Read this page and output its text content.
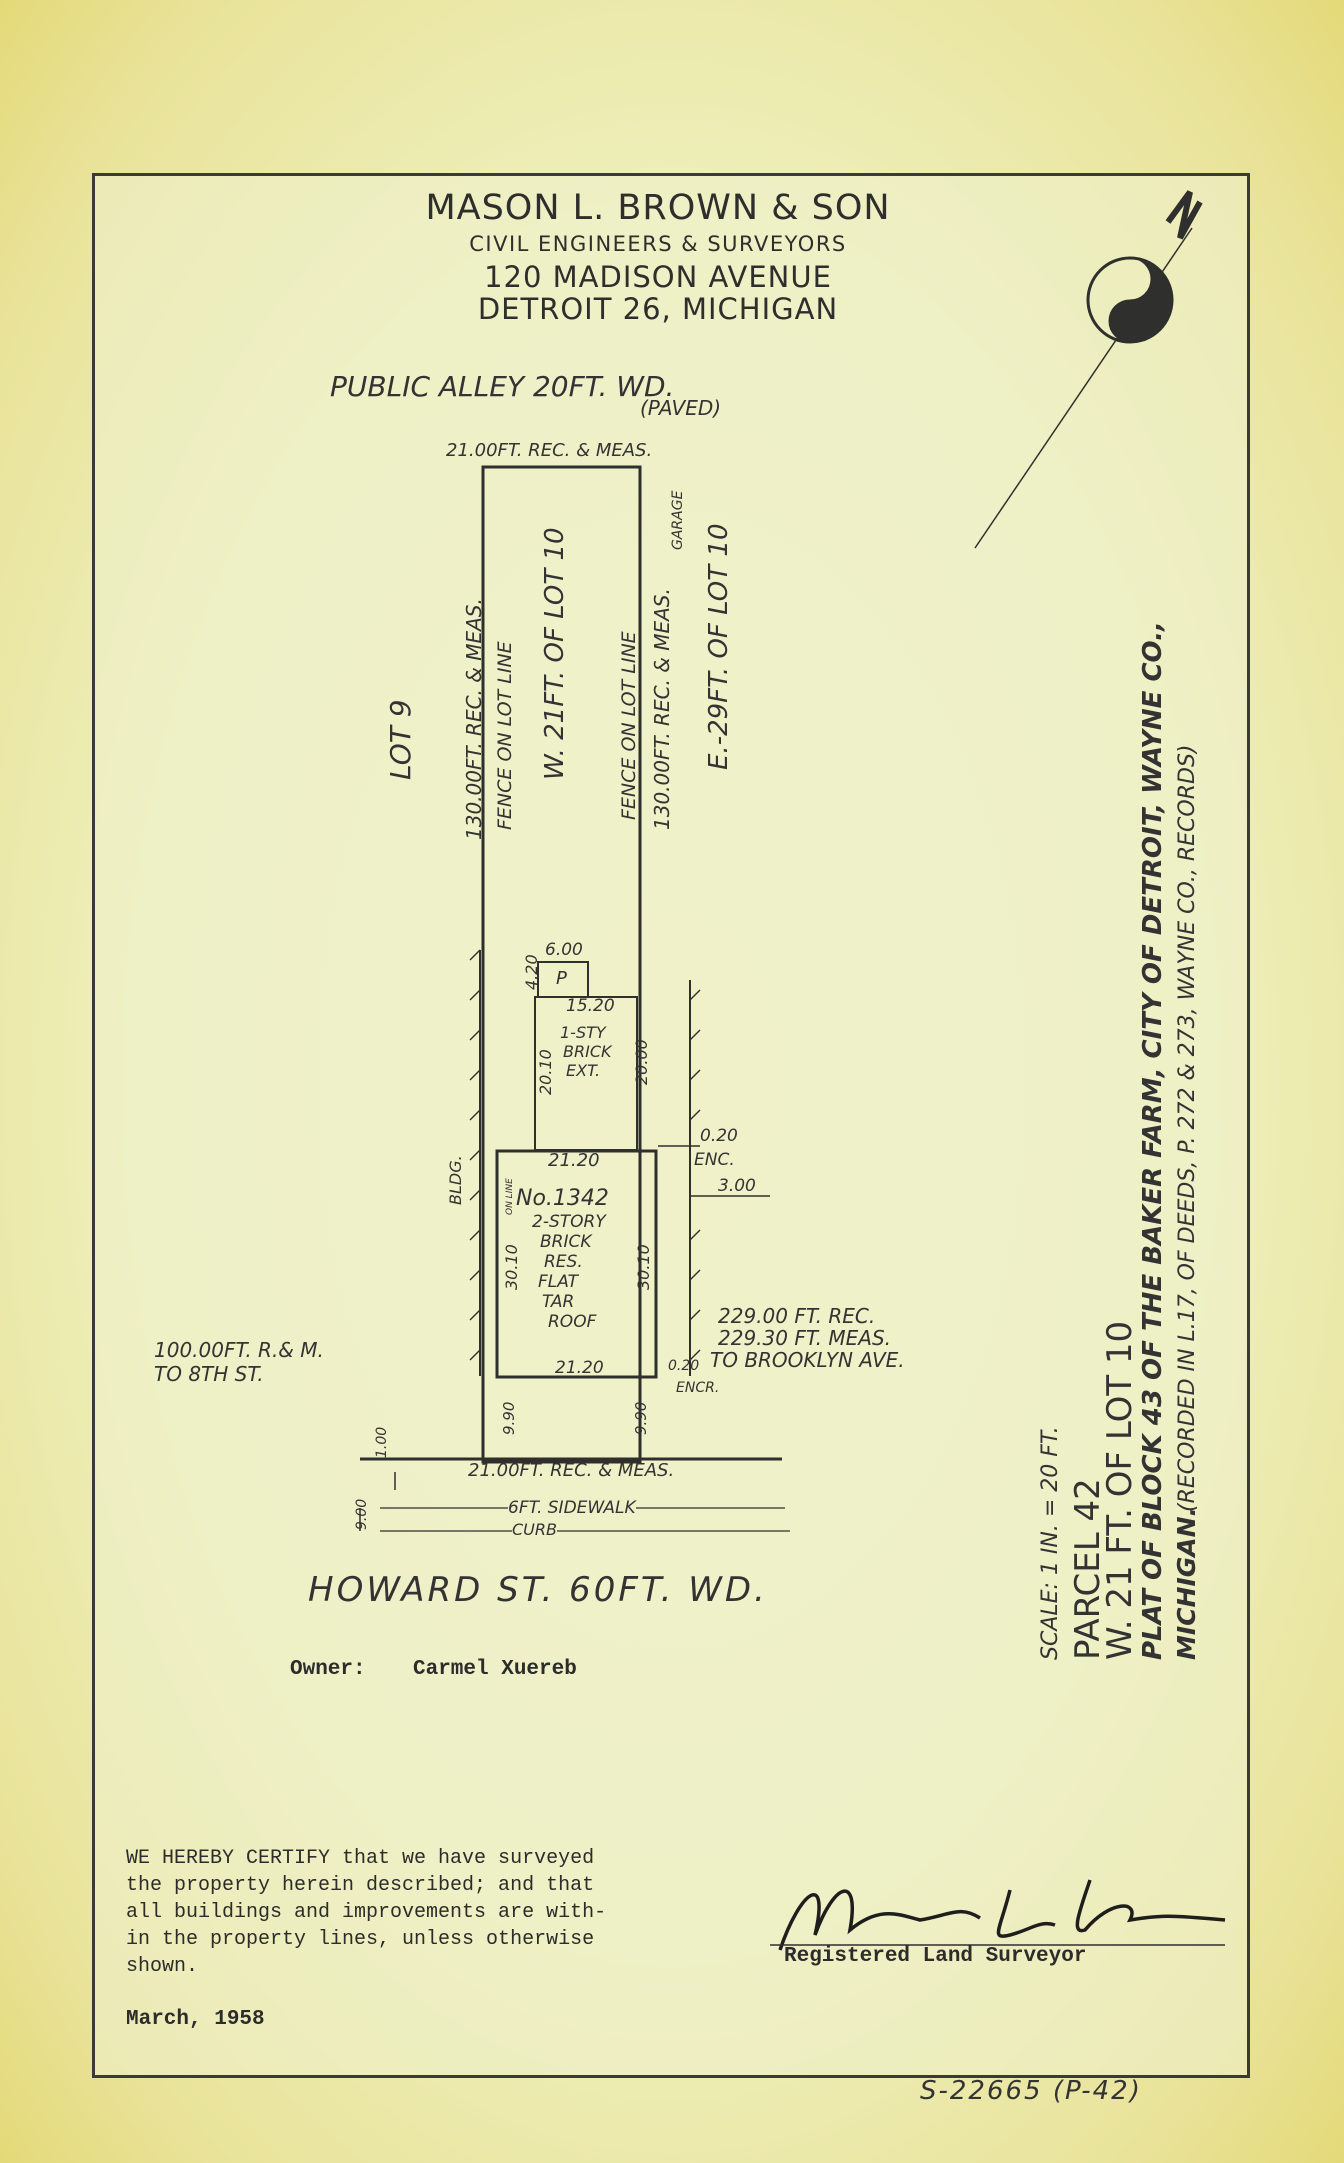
MASON L. BROWN & SON
CIVIL ENGINEERS & SURVEYORS
120 MADISON AVENUE
DETROIT 26, MICHIGAN
PUBLIC ALLEY 20FT. WD.
(PAVED)
HOWARD ST. 60FT. WD.
21.00FT. REC. & MEAS.
21.00FT. REC. & MEAS.
130.00FT. REC. & MEAS. FENCE ON LOT LINE W. 21FT. OF LOT 10	FENCE ON LOT LINE 130.00FT. REC. & MEAS.
GARAGE
LOT 9	E.-29FT. OF LOT 10
6.00
4.20 P
15.20
20.10	20.00
1-STY
BRICK
EXT.
21.20
21.20
30.10	30.10
ON LINE No.1342
2-STORY
BRICK
RES.
FLAT
TAR
ROOF
BLDG.
0.20
ENC.
3.00
0.20
ENCR.
9.90	9.90
229.00 FT. REC.
229.30 FT. MEAS.
TO BROOKLYN AVE.
100.00FT. R.& M.
TO 8TH ST.
1.00
9.00	6FT. SIDEWALK
CURB	SCALE: 1 IN. = 20 FT. PARCEL 42
W. 21 FT. OF LOT 10
PLAT OF BLOCK 43 OF THE BAKER FARM, CITY OF DETROIT, WAYNE CO., MICHIGAN.
(RECORDED IN L.17, OF DEEDS, P. 272 & 273, WAYNE CO., RECORDS)
Owner: Carmel Xuereb
WE HEREBY CERTIFY that we have surveyed
the property herein described; and that
all buildings and improvements are with-
in the property lines, unless otherwise
shown.
March, 1958
Registered Land Surveyor
S-22665 (P-42)
